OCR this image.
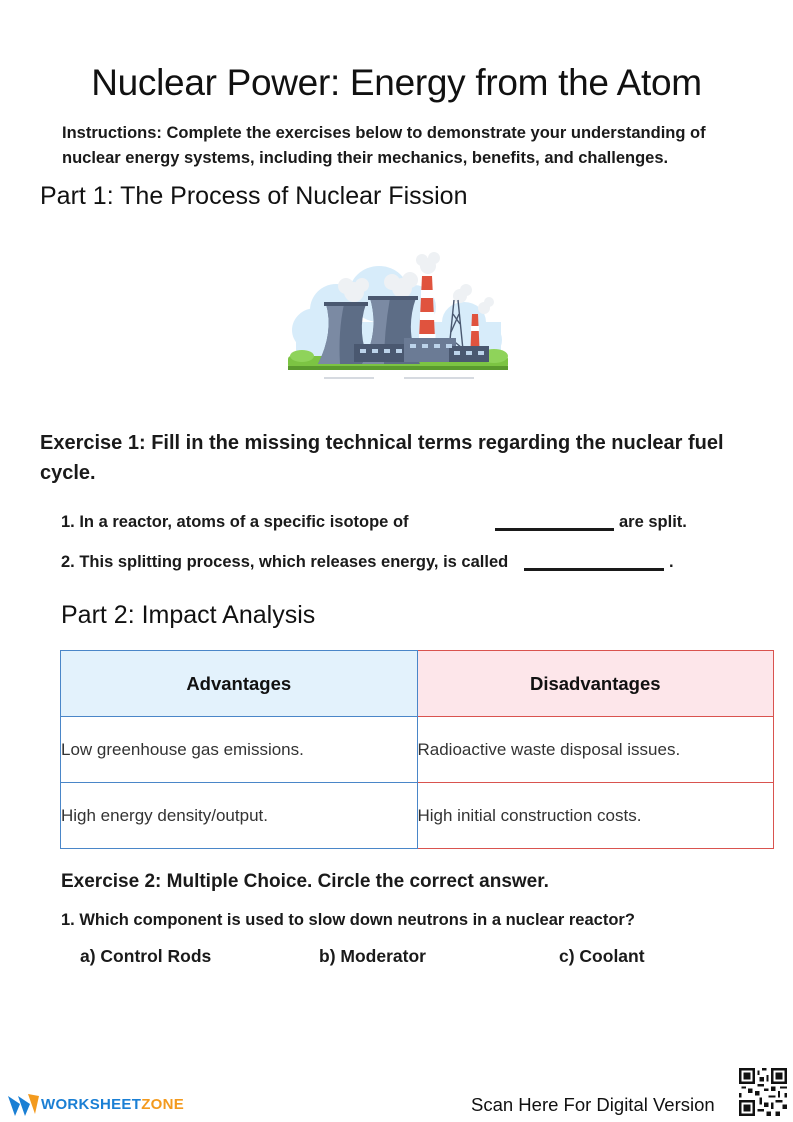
Nuclear Power: Energy from the Atom
Instructions: Complete the exercises below to demonstrate your understanding of nuclear energy systems, including their mechanics, benefits, and challenges.
Part 1: The Process of Nuclear Fission
Exercise 1: Fill in the missing technical terms regarding the nuclear fuel cycle.
1. In a reactor, atoms of a specific isotope of	are split.
2. This splitting process, which releases energy, is called	.
Part 2: Impact Analysis
Advantages	Disadvantages
Low greenhouse gas emissions.	Radioactive waste disposal issues.
High energy density/output.	High initial construction costs.
Exercise 2: Multiple Choice. Circle the correct answer.
1. Which component is used to slow down neutrons in a nuclear reactor?
a) Control Rods	b) Moderator	c) Coolant
WORKSHEETZONE	Scan Here For Digital Version
